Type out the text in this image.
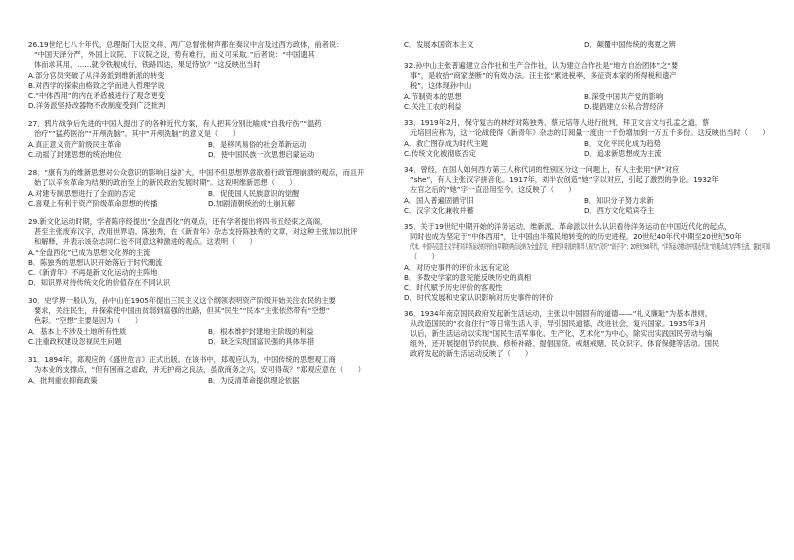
26.19世纪七八十年代，总理衙门大臣文祥、两广总督张树声都在奏议中言及过西方政体，前者说：
“中国天泽分严，外国上议院、下议院之设，势有难行，而义可采取。”后者说：“中国遗其
体而求其用，……就令铁舰成行，铁路四达，果足恃欤？”这反映出当时
A.部分官员突破了从洋务派到维新派的转变
B.对西学的探索由格致之学而进入哲理学说
C.“中体西用”的内在矛盾被进行了观念更变
D.洋务派坚持改器物不改制度受到广泛批判
27．鸦片战争后先进的中国人提出了的各种近代方案，有人把其分别比喻成“自我疗伤”“温药
治疗”“猛药医治”“开颅洗脑”。其中“开颅洗脑”的意义是（　　）
A.真正意义资产阶级民主革命	B．是移风易俗的社会革新运动
C.动摇了封建思想的统治地位	D．使中国民族一次思想启蒙运动
28．“康有为的维新思想对公众意识的影响日益扩大，中国不但思想界意欲着行政管理崩溃的观点，而且开
始了以辛亥革命为结果的政治至上的新民政治发展时期”。这说明维新思想（　　）
A.对建专制思想进行了全面的否定	B．促使国人民族意识的觉醒
C.喜观上有利于资产阶级革命思想的传播	D.加剧清朝统治的土崩瓦解
29.新文化运动时期，学者陈序经提出“全盘西化”的观点，还有学者提出将四书五经束之高阁，
甚至主张废弃汉字，改用世界语。陈独秀，在《新青年》杂志支持陈独秀的文章，对这种主张加以批评
和解释，并表示该杂志同仁也不同意这种激进的观点。这表明（　　）
A.“全盘西化”已成为思想文化界的主流
B．陈独秀的思想认识开始落后于时代潮流
C.《新青年》不再是新文化运动的主阵地
D．知识界对待传统文化的价值存在不同认识
30．史学界一般认为，孙中山在1905年提出三民主义这个纲领表明资产阶级开始关注农民的主要
要求，关注民生，并探索使中国由贫弱到富强的出路，但其“民生”“民本”主张依然带有“空想”
色彩。“空想”主要是因为（　　）
A．基本上不涉及土地所有性质	B．根本维护封建地主阶级的利益
C.注重政权建设忽视民生问题	D．缺乏实现国富民强的具体举措
31．1894年，郑观应的《盛世危言》正式出版。在该书中，郑观应认为，中国传统的思想观工商
为本业的支撑点，“但有困商之虐政，并无护商之良法，虽欲商务之兴，安可得哉？”郑观应意在（　　）
A．批判重农抑商政策	B．为反清革命提供理论依据
C．发展本国资本主义	D．颠覆中国传统的夷夏之辨
32.孙中山主张普遍建立合作社和生产合作社，认为建立合作社是“地方自治团体”之“要
事”，是收拾“商家垄断”的有效办法。汪主张“累进税率，多征资本家的所得税和遗产
税”。这体现孙中山
A.节制资本的思想	B.深受中国共产党的影响
C.关注工农的利益	D.提倡建立公私合营经济
33．1919年2月，保守复古的林纾对陈独秀、蔡元培等人进行批判，拜卫文言文与孔孟之道，蔡
元培回应称为，这一论战使得《新青年》杂志的订阅量一度由一千份增加到一万五千多份。这反映出当时（　　）
A．救亡图存成为时代主题	B．文化平民化成为趋势
C.传统文化被彻底否定	D．追求新思想成为主流
34．曾经，在国人如何西方第三人称代词的性别区分这一问题上，有人主张用“伊”对应
“she”，有人主张汉字拼音化。1917年，刘半农创造“她”字以对应，引起了激烈的争论。1932年
左官之后的“她”字一直沿用至今。这反映了（　　）
A．国人普遍固循守旧	B．知识分子努力求新
C．汉字文化兼收并蓄	D．西方文化喧宾夺主
35．关于19世纪中期开始的洋务运动，维新派、革命派以什么认识看待洋务运动在中国近代化的起点，
同时也成为坚定于“中体西用”，让中国由半殖民地转变的的历史进程。20世纪40年代中期至20世纪50年
代末，中国马克思主义学者对洋务运动的评价由早期的两点论转为全盘否定，并把洋务派的领导人视为“汉奸”“刽子手”；20世纪80年代，“洋务运动推动中国近代化”的观点成为学界主流。据此可知
（　　）
A．对历史事件的评价永远有定论
B．多数史学家的意见能反映历史的真相
C．时代赋予历史评价的客观性
D．时代发展和史家认识影响对历史事件的评价
36．1934年南京国民政府发起新生活运动，主张以中国固有的道德——“礼义廉耻”为基本准则，
从改造国民的“衣食住行”等日常生活入手，导引国民道德，改进社会，复兴国家。1935年3月
以后，新生活运动以实现“国民生活军事化、生产化、艺术化”为中心，除实出实践国民劳动与编
组外，还开展提倡节约民族、修桥补路、提倡国货、戒烟戒赌、民众识字、体育保健等活动。国民
政府发起的新生活运动反映了（　　）
